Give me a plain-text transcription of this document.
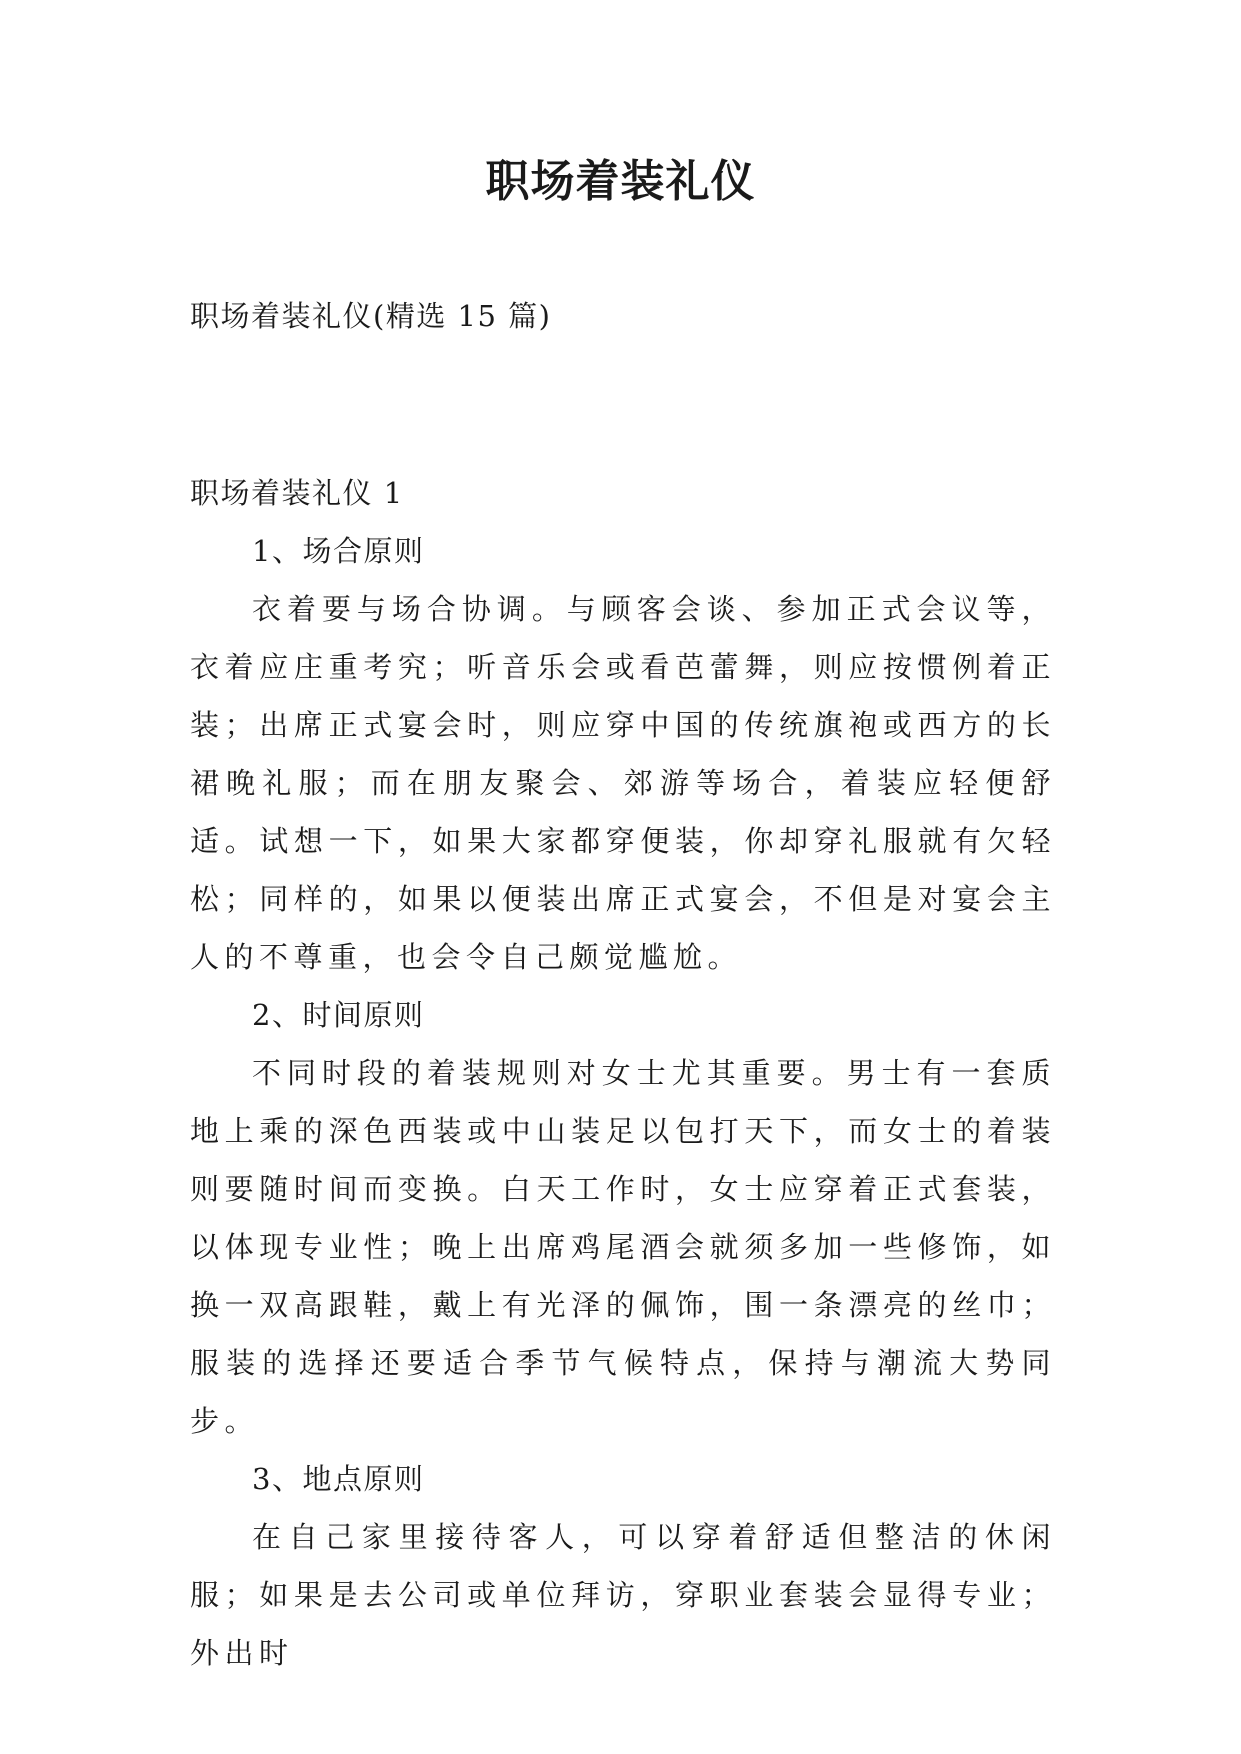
职场着装礼仪

职场着装礼仪(精选 15 篇)

职场着装礼仪 1

1、场合原则

衣着要与场合协调。与顾客会谈、参加正式会议等，衣着应庄重考究；听音乐会或看芭蕾舞，则应按惯例着正装；出席正式宴会时，则应穿中国的传统旗袍或西方的长裙晚礼服；而在朋友聚会、郊游等场合，着装应轻便舒适。试想一下，如果大家都穿便装，你却穿礼服就有欠轻松；同样的，如果以便装出席正式宴会，不但是对宴会主人的不尊重，也会令自己颇觉尴尬。

2、时间原则

不同时段的着装规则对女士尤其重要。男士有一套质地上乘的深色西装或中山装足以包打天下，而女士的着装则要随时间而变换。白天工作时，女士应穿着正式套装，以体现专业性；晚上出席鸡尾酒会就须多加一些修饰，如换一双高跟鞋，戴上有光泽的佩饰，围一条漂亮的丝巾；服装的选择还要适合季节气候特点，保持与潮流大势同步。

3、地点原则

在自己家里接待客人，可以穿着舒适但整洁的休闲服；如果是去公司或单位拜访，穿职业套装会显得专业；外出时
